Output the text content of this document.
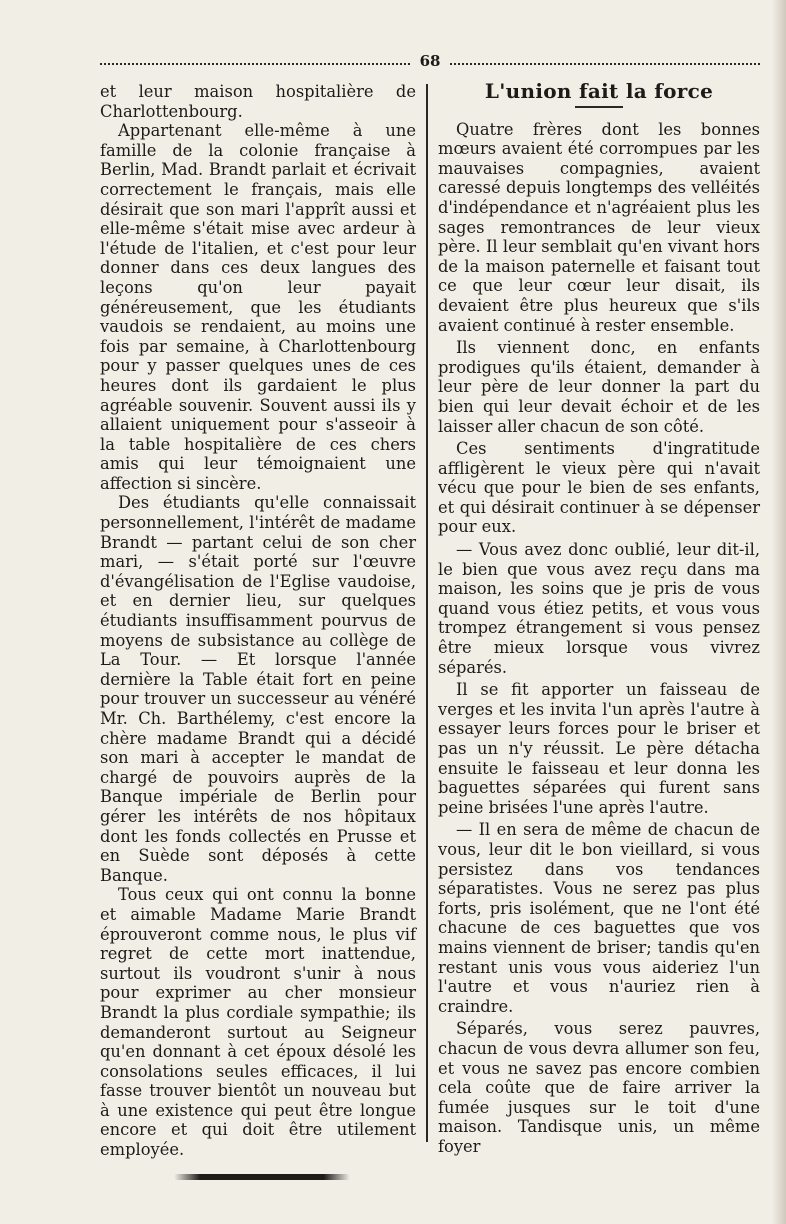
68

et leur maison hospitalière de Charlottenbourg.

Appartenant elle-même à une famille de la colonie française à Berlin, Mad. Brandt parlait et écrivait correctement le français, mais elle désirait que son mari l'apprît aussi et elle-même s'était mise avec ardeur à l'étude de l'italien, et c'est pour leur donner dans ces deux langues des leçons qu'on leur payait généreusement, que les étudiants vaudois se rendaient, au moins une fois par semaine, à Charlottenbourg pour y passer quelques unes de ces heures dont ils gardaient le plus agréable souvenir. Souvent aussi ils y allaient uniquement pour s'asseoir à la table hospitalière de ces chers amis qui leur témoignaient une affection si sincère.

Des étudiants qu'elle connaissait personnellement, l'intérêt de madame Brandt — partant celui de son cher mari, — s'était porté sur l'œuvre d'évangélisation de l'Eglise vaudoise, et en dernier lieu, sur quelques étudiants insuffisamment pourvus de moyens de subsistance au collège de La Tour. — Et lorsque l'année dernière la Table était fort en peine pour trouver un successeur au vénéré Mr. Ch. Barthélemy, c'est encore la chère madame Brandt qui a décidé son mari à accepter le mandat de chargé de pouvoirs auprès de la Banque impériale de Berlin pour gérer les intérêts de nos hôpitaux dont les fonds collectés en Prusse et en Suède sont déposés à cette Banque.

Tous ceux qui ont connu la bonne et aimable Madame Marie Brandt éprouveront comme nous, le plus vif regret de cette mort inattendue, surtout ils voudront s'unir à nous pour exprimer au cher monsieur Brandt la plus cordiale sympathie; ils demanderont surtout au Seigneur qu'en donnant à cet époux désolé les consolations seules efficaces, il lui fasse trouver bientôt un nouveau but à une existence qui peut être longue encore et qui doit être utilement employée.

L'union fait la force

Quatre frères dont les bonnes mœurs avaient été corrompues par les mauvaises compagnies, avaient caressé depuis longtemps des velléités d'indépendance et n'agréaient plus les sages remontrances de leur vieux père. Il leur semblait qu'en vivant hors de la maison paternelle et faisant tout ce que leur cœur leur disait, ils devaient être plus heureux que s'ils avaient continué à rester ensemble.

Ils viennent donc, en enfants prodigues qu'ils étaient, demander à leur père de leur donner la part du bien qui leur devait échoir et de les laisser aller chacun de son côté.

Ces sentiments d'ingratitude affligèrent le vieux père qui n'avait vécu que pour le bien de ses enfants, et qui désirait continuer à se dépenser pour eux.

— Vous avez donc oublié, leur dit-il, le bien que vous avez reçu dans ma maison, les soins que je pris de vous quand vous étiez petits, et vous vous trompez étrangement si vous pensez être mieux lorsque vous vivrez séparés.

Il se fit apporter un faisseau de verges et les invita l'un après l'autre à essayer leurs forces pour le briser et pas un n'y réussit. Le père détacha ensuite le faisseau et leur donna les baguettes séparées qui furent sans peine brisées l'une après l'autre.

— Il en sera de même de chacun de vous, leur dit le bon vieillard, si vous persistez dans vos tendances séparatistes. Vous ne serez pas plus forts, pris isolément, que ne l'ont été chacune de ces baguettes que vos mains viennent de briser; tandis qu'en restant unis vous vous aideriez l'un l'autre et vous n'auriez rien à craindre.

Séparés, vous serez pauvres, chacun de vous devra allumer son feu, et vous ne savez pas encore combien cela coûte que de faire arriver la fumée jusques sur le toit d'une maison. Tandisque unis, un même foyer
